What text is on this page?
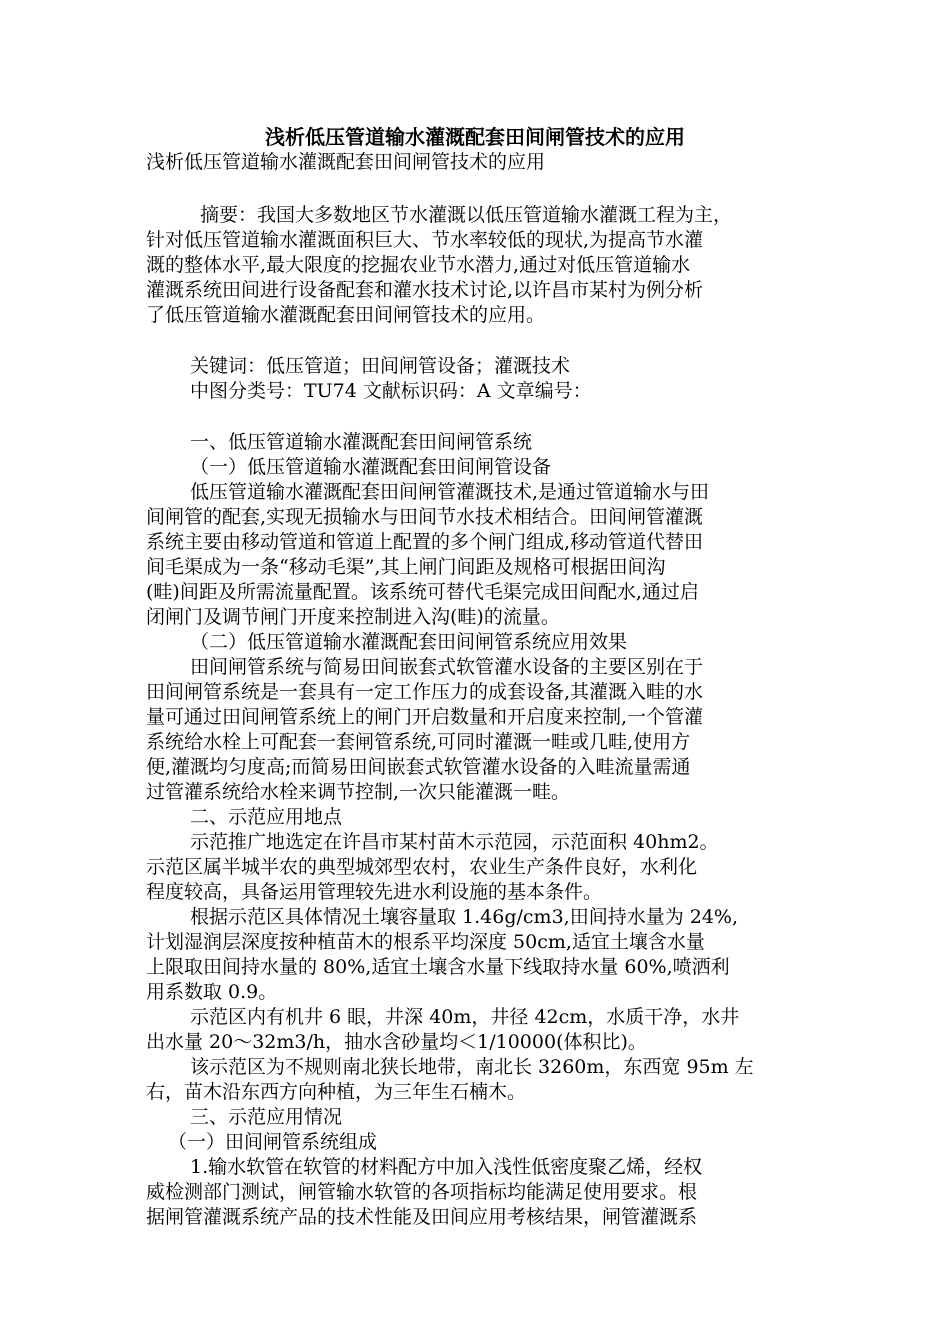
浅析低压管道输水灌溉配套田间闸管技术的应用

浅析低压管道输水灌溉配套田间闸管技术的应用

摘要：我国大多数地区节水灌溉以低压管道输水灌溉工程为主，

针对低压管道输水灌溉面积巨大、节水率较低的现状,为提高节水灌

溉的整体水平,最大限度的挖掘农业节水潜力,通过对低压管道输水

灌溉系统田间进行设备配套和灌水技术讨论,以许昌市某村为例分析

了低压管道输水灌溉配套田间闸管技术的应用。

关键词：低压管道；田间闸管设备；灌溉技术

中图分类号：TU74 文献标识码：A 文章编号：

一、低压管道输水灌溉配套田间闸管系统

（一）低压管道输水灌溉配套田间闸管设备

低压管道输水灌溉配套田间闸管灌溉技术,是通过管道输水与田

间闸管的配套,实现无损输水与田间节水技术相结合。田间闸管灌溉

系统主要由移动管道和管道上配置的多个闸门组成,移动管道代替田

间毛渠成为一条“移动毛渠”,其上闸门间距及规格可根据田间沟

(畦)间距及所需流量配置。该系统可替代毛渠完成田间配水,通过启

闭闸门及调节闸门开度来控制进入沟(畦)的流量。

（二）低压管道输水灌溉配套田间闸管系统应用效果

田间闸管系统与简易田间嵌套式软管灌水设备的主要区别在于

田间闸管系统是一套具有一定工作压力的成套设备,其灌溉入畦的水

量可通过田间闸管系统上的闸门开启数量和开启度来控制,一个管灌

系统给水栓上可配套一套闸管系统,可同时灌溉一畦或几畦,使用方

便,灌溉均匀度高;而简易田间嵌套式软管灌水设备的入畦流量需通

过管灌系统给水栓来调节控制,一次只能灌溉一畦。

二、示范应用地点

示范推广地选定在许昌市某村苗木示范园，示范面积 40hm2。

示范区属半城半农的典型城郊型农村，农业生产条件良好，水利化

程度较高，具备运用管理较先进水利设施的基本条件。

根据示范区具体情况土壤容量取 1.46g/cm3,田间持水量为 24%,

计划湿润层深度按种植苗木的根系平均深度 50cm,适宜土壤含水量

上限取田间持水量的 80%,适宜土壤含水量下线取持水量 60%,喷洒利

用系数取 0.9。

示范区内有机井 6 眼，井深 40m，井径 42cm，水质干净，水井

出水量 20～32m3/h，抽水含砂量均＜1/10000(体积比)。

该示范区为不规则南北狭长地带，南北长 3260m，东西宽 95m 左

右，苗木沿东西方向种植，为三年生石楠木。

三、示范应用情况

（一）田间闸管系统组成

1.输水软管在软管的材料配方中加入浅性低密度聚乙烯，经权

威检测部门测试，闸管输水软管的各项指标均能满足使用要求。根

据闸管灌溉系统产品的技术性能及田间应用考核结果，闸管灌溉系
